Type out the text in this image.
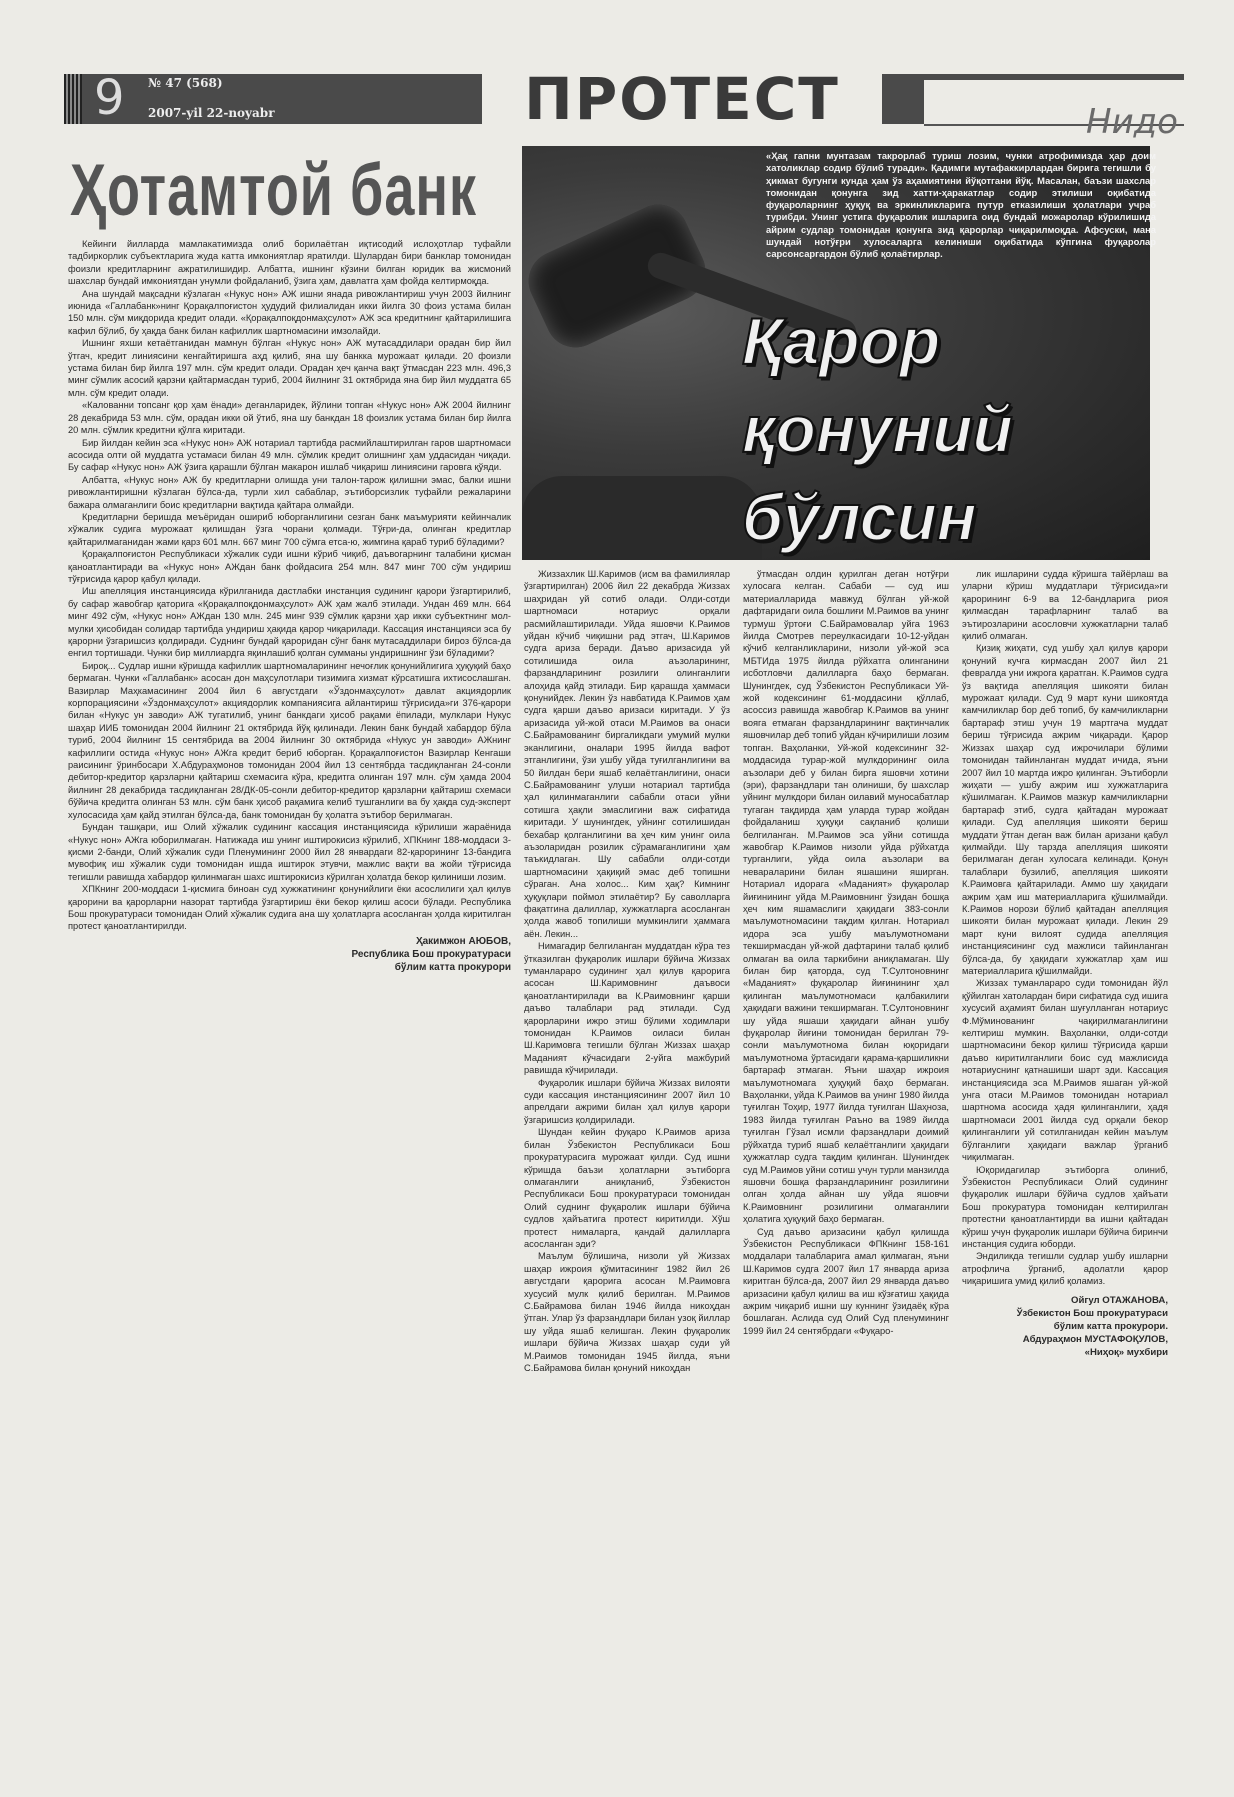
9 № 47 (568)
2007-yil 22-noyabr	ПРОТЕСТ	Нидо
Ҳотамтой банк

Кейинги йилларда мамлакатимизда олиб борилаётган иқтисодий ислоҳотлар туфайли тадбиркорлик субъектларига жуда катта имкониятлар яратилди. Шулардан бири банклар томонидан фоизли кредитларнинг ажратилишидир. Албатта, ишнинг кўзини билган юридик ва жисмоний шахслар бундай имкониятдан унумли фойдаланиб, ўзига ҳам, давлатга ҳам фойда келтирмоқда.

Ана шундай мақсадни кўзлаган «Нукус нон» АЖ ишни янада ривожлантириш учун 2003 йилнинг июнида «Галлабанк»нинг Қорақалпоғистон ҳудудий филиалидан икки йилга 30 фоиз устама билан 150 млн. сўм миқдорида кредит олади. «Қорақалпоқдонмаҳсулот» АЖ эса кредитнинг қайтарилишига кафил бўлиб, бу ҳақда банк билан кафиллик шартномасини имзолайди.

Ишнинг яхши кетаётганидан мамнун бўлган «Нукус нон» АЖ мутасаддилари орадан бир йил ўтгач, кредит линиясини кенгайтиришга аҳд қилиб, яна шу банкка мурожаат қилади. 20 фоизли устама билан бир йилга 197 млн. сўм кредит олади. Орадан ҳеч қанча вақт ўтмасдан 223 млн. 496,3 минг сўмлик асосий қарзни қайтармасдан туриб, 2004 йилнинг 31 октябрида яна бир йил муддатга 65 млн. сўм кредит олади.

«Калованни топсанг қор ҳам ёнади» деганларидек, йўлини топган «Нукус нон» АЖ 2004 йилнинг 28 декабрида 53 млн. сўм, орадан икки ой ўтиб, яна шу банкдан 18 фоизлик устама билан бир йилга 20 млн. сўмлик кредитни қўлга киритади.

Бир йилдан кейин эса «Нукус нон» АЖ нотариал тартибда расмийлаштирилган гаров шартномаси асосида олти ой муддатга устамаси билан 49 млн. сўмлик кредит олишнинг ҳам уддасидан чиқади. Бу сафар «Нукус нон» АЖ ўзига қарашли бўлган макарон ишлаб чиқариш линиясини гаровга қўяди.

Албатта, «Нукус нон» АЖ бу кредитларни олишда уни талон-тарож қилишни эмас, балки ишни ривожлантиришни кўзлаган бўлса-да, турли хил сабаблар, эътиборсизлик туфайли режаларини бажара олмаганлиги боис кредитларни вақтида қайтара олмайди.

Кредитларни беришда меъёридан ошириб юборганлигини сезган банк маъмурияти кейинчалик хўжалик судига мурожаат қилишдан ўзга чорани қолмади. Тўғри-да, олинган кредитлар қайтарилмаганидан жами қарз 601 млн. 667 минг 700 сўмга етса-ю, жимгина қараб туриб бўладими?

Қорақалпоғистон Республикаси хўжалик суди ишни кўриб чиқиб, даъвогарнинг талабини қисман қаноатлантиради ва «Нукус нон» АЖдан банк фойдасига 254 млн. 847 минг 700 сўм ундириш тўғрисида қарор қабул қилади.

Иш апелляция инстанциясида кўрилганида дастлабки инстанция судининг қарори ўзгартирилиб, бу сафар жавобгар қаторига «Қорақалпоқдонмаҳсулот» АЖ ҳам жалб этилади. Ундан 469 млн. 664 минг 492 сўм, «Нукус нон» АЖдан 130 млн. 245 минг 939 сўмлик қарзни ҳар икки субъектнинг мол-мулки ҳисобидан солидар тартибда ундириш ҳақида қарор чиқарилади. Кассация инстанцияси эса бу қарорни ўзгаришсиз қолдиради. Суднинг бундай қароридан сўнг банк мутасаддилари бироз бўлса-да енгил тортишади. Чунки бир миллиардга яқинлашиб қолган сумманы ундиришнинг ўзи бўладими?

Бироқ... Судлар ишни кўришда кафиллик шартномаларининг нечоғлик қонунийлигига ҳуқуқий баҳо бермаган. Чунки «Галлабанк» асосан дон маҳсулотлари тизимига хизмат кўрсатишга ихтисослашган. Вазирлар Маҳкамасининг 2004 йил 6 августдаги «Ўздонмаҳсулот» давлат акциядорлик корпорациясини «Ўздонмаҳсулот» акциядорлик компаниясига айлантириш тўғрисида»ги 376-қарори билан «Нукус ун заводи» АЖ тугатилиб, унинг банкдаги ҳисоб рақами ёпилади, мулклари Нукус шаҳар ИИБ томонидан 2004 йилнинг 21 октябрида йўқ қилинади. Лекин банк бундай хабардор бўла туриб, 2004 йилнинг 15 сентябрида ва 2004 йилнинг 30 октябрида «Нукус ун заводи» АЖнинг кафиллиги остида «Нукус нон» АЖга кредит бериб юборган. Қорақалпоғистон Вазирлар Кенгаши раисининг ўринбосари Х.Абдураҳмонов томонидан 2004 йил 13 сентябрда тасдиқланган 24-сонли дебитор-кредитор қарзларни қайтариш схемасига кўра, кредитга олинган 197 млн. сўм ҳамда 2004 йилнинг 28 декабрида тасдиқланган 28/ДК-05-сонли дебитор-кредитор қарзларни қайтариш схемаси бўйича кредитга олинган 53 млн. сўм банк ҳисоб рақамига келиб тушганлиги ва бу ҳақда суд-эксперт хулосасида ҳам қайд этилган бўлса-да, банк томонидан бу ҳолатга эътибор берилмаган.

Бундан ташқари, иш Олий хўжалик судининг кассация инстанциясида кўрилиши жараёнида «Нукус нон» АЖга юборилмаган. Натижада иш унинг иштирокисиз кўрилиб, ХПКнинг 188-моддаси 3-қисми 2-банди, Олий хўжалик суди Пленумининг 2000 йил 28 январдаги 82-қарорининг 13-бандига мувофиқ иш хўжалик суди томонидан ишда иштирок этувчи, мажлис вақти ва жойи тўғрисида тегишли равишда хабардор қилинмаган шахс иштирокисиз кўрилган ҳолатда бекор қилиниши лозим.

ХПКнинг 200-моддаси 1-қисмига биноан суд хужжатининг қонунийлиги ёки асослилиги ҳал қилув қарорини ва қарорларни назорат тартибда ўзгартириш ёки бекор қилиш асоси бўлади. Республика Бош прокуратураси томонидан Олий хўжалик судига ана шу ҳолатларга асосланган ҳолда киритилган протест қаноатлантирилди.

Ҳакимжон АЮБОВ,
Республика Бош прокуратураси
бўлим катта прокурори
«Ҳақ гапни мунтазам такрорлаб туриш лозим, чунки атрофимизда ҳар доим хатоликлар содир бўлиб туради». Қадимги мутафаккирлардан бирига тегишли бу ҳикмат бугунги кунда ҳам ўз аҳамиятини йўқотгани йўқ. Масалан, баъзи шахслар томонидан қонунга зид хатти-ҳаракатлар содир этилиши оқибатида фуқароларнинг ҳуқуқ ва эркинликларига путур етказилиши ҳолатлари учраб турибди. Унинг устига фуқаролик ишларига оид бундай можаролар кўрилишида айрим судлар томонидан қонунга зид қарорлар чиқарилмоқда. Афсуски, мана шундай нотўғри хулосаларга келиниши оқибатида кўпгина фуқаролар сарсонсаргардон бўлиб қолаётирлар.
Қарор
қонуний
бўлсин

Жиззахлик Ш.Каримов (исм ва фамилиялар ўзгартирилган) 2006 йил 22 декабрда Жиззах шаҳридан уй сотиб олади. Олди-сотди шартномаси нотариус орқали расмийлаштирилади. Уйда яшовчи К.Раимов уйдан кўчиб чиқишни рад этгач, Ш.Каримов судга ариза беради. Даъво аризасида уй сотилишида оила аъзоларининг, фарзандларининг розилиги олинганлиги алоҳида қайд этилади. Бир қарашда ҳаммаси қонунийдек. Лекин ўз навбатида К.Раимов ҳам судга қарши даъво аризаси киритади. У ўз аризасида уй-жой отаси М.Раимов ва онаси С.Байрамованинг биргаликдаги умумий мулки эканлигини, оналари 1995 йилда вафот этганлигини, ўзи ушбу уйда туғилганлигини ва 50 йилдан бери яшаб келаётганлигини, онаси С.Байрамованинг улуши нотариал тартибда ҳал қилинмаганлиги сабабли отаси уйни сотишга ҳақли эмаслигини важ сифатида киритади. У шунингдек, уйнинг сотилишидан бехабар қолганлигини ва ҳеч ким унинг оила аъзоларидан розилик сўрамаганлигини ҳам таъкидлаган. Шу сабабли олди-сотди шартномасини ҳақиқий эмас деб топишни сўраган. Ана холос... Ким ҳақ? Кимнинг ҳуқуқлари поймол этилаётир? Бу саволларга фақатгина далиллар, хужжатларга асосланган ҳолда жавоб топилиши мумкинлиги ҳаммага аён. Лекин...

Нимагадир белгиланган муддатдан кўра тез ўтказилган фуқаролик ишлари бўйича Жиззах туманлараро судининг ҳал қилув қарорига асосан Ш.Каримовнинг даъвоси қаноатлантирилади ва К.Раимовнинг қарши даъво талаблари рад этилади. Суд қарорларини ижро этиш бўлими ходимлари томонидан К.Раимов оиласи билан Ш.Каримовга тегишли бўлган Жиззах шаҳар Маданият кўчасидаги 2-уйга мажбурий равишда кўчирилади.

Фуқаролик ишлари бўйича Жиззах вилояти суди кассация инстанциясининг 2007 йил 10 апрелдаги ажрими билан ҳал қилув қарори ўзгаришсиз қолдирилади.

Шундан кейин фуқаро К.Раимов ариза билан Ўзбекистон Республикаси Бош прокуратурасига мурожаат қилди. Суд ишни кўришда баъзи ҳолатларни эътиборга олмаганлиги аниқланиб, Ўзбекистон Республикаси Бош прокуратураси томонидан Олий суднинг фуқаролик ишлари бўйича судлов ҳайъатига протест киритилди. Хўш протест нималарга, қандай далилларга асосланган эди?

Маълум бўлишича, низоли уй Жиззах шаҳар ижроия қўмитасининг 1982 йил 26 августдаги қарорига асосан М.Раимовга хусусий мулк қилиб берилган. М.Раимов С.Байрамова билан 1946 йилда никоҳдан ўтган. Улар ўз фарзандлари билан узоқ йиллар шу уйда яшаб келишган. Лекин фуқаролик ишлари бўйича Жиззах шаҳар суди уй М.Раимов томонидан 1945 йилда, яъни С.Байрамова билан қонуний никоҳдан

ўтмасдан олдин қурилган деган нотўғри хулосага келган. Сабаби — суд иш материалларида мавжуд бўлган уй-жой дафтаридаги оила бошлиғи М.Раимов ва унинг турмуш ўртоғи С.Байрамовалар уйга 1963 йилда Смотрев переулкасидаги 10-12-уйдан кўчиб келганликларини, низоли уй-жой эса МБТИда 1975 йилда рўйхатга олинганини исботловчи далилларга баҳо бермаган. Шунингдек, суд Ўзбекистон Республикаси Уй-жой кодексининг 61-моддасини қўллаб, асоссиз равишда жавобгар К.Раимов ва унинг вояга етмаган фарзандларининг вақтинчалик яшовчилар деб топиб уйдан кўчирилиши лозим топган. Ваҳоланки, Уй-жой кодексининг 32-моддасида турар-жой мулкдорининг оила аъзолари деб у билан бирга яшовчи хотини (эри), фарзандлари тан олиниши, бу шахслар уйнинг мулкдори билан оилавий муносабатлар тугаган тақдирда ҳам уларда турар жойдан фойдаланиш ҳуқуқи сақланиб қолиши белгиланган. М.Раимов эса уйни сотишда жавобгар К.Раимов низоли уйда рўйхатда турганлиги, уйда оила аъзолари ва невараларини билан яшашини яширган. Нотариал идорага «Маданият» фуқаролар йиғинининг уйда М.Раимовнинг ўзидан бошқа ҳеч ким яшамаслиги ҳақидаги 383-сонли маълумотномасини тақдим қилган. Нотариал идора эса ушбу маълумотномани текширмасдан уй-жой дафтарини талаб қилиб олмаган ва оила таркибини аниқламаган. Шу билан бир қаторда, суд Т.Султоновнинг «Маданият» фуқаролар йиғинининг ҳал қилинган маълумотномаси қалбакилиги ҳақидаги важини текширмаган. Т.Султоновнинг шу уйда яшаши ҳақидаги айнан ушбу фуқаролар йиғини томонидан берилган 79-сонли маълумотнома билан юқоридаги маълумотнома ўртасидаги қарама-қаршиликни бартараф этмаган. Яъни шаҳар ижроия маълумотномага ҳуқуқий баҳо бермаган. Ваҳоланки, уйда К.Раимов ва унинг 1980 йилда туғилган Тоҳир, 1977 йилда туғилган Шаҳноза, 1983 йилда туғилган Раъно ва 1989 йилда туғилган Гўзал исмли фарзандлари доимий рўйхатда туриб яшаб келаётганлиги ҳақидаги ҳужжатлар судга тақдим қилинган. Шунингдек суд М.Раимов уйни сотиш учун турли манзилда яшовчи бошқа фарзандларининг розилигини олган ҳолда айнан шу уйда яшовчи К.Раимовнинг розилигини олмаганлиги ҳолатига ҳуқуқий баҳо бермаган.

Суд даъво аризасини қабул қилишда Ўзбекистон Республикаси ФПКнинг 158-161 моддалари талабларига амал қилмаган, яъни Ш.Каримов судга 2007 йил 17 январда ариза киритган бўлса-да, 2007 йил 29 январда даъво аризасини қабул қилиш ва иш кўзғатиш ҳақида ажрим чиқариб ишни шу куннинг ўзидаёқ кўра бошлаган. Аслида суд Олий Суд пленумининг 1999 йил 24 сентябрдаги «Фуқаро-

лик ишларини судда кўришга тайёрлаш ва уларни кўриш муддатлари тўғрисида»ги қарорининг 6-9 ва 12-бандларига риоя қилмасдан тарафларнинг талаб ва эътирозларини асословчи хужжатларни талаб қилиб олмаган.

Қизиқ жиҳати, суд ушбу ҳал қилув қарори қонуний кучга кирмасдан 2007 йил 21 февралда уни ижрога қаратган. К.Раимов судга ўз вақтида апелляция шикояти билан мурожаат қилади. Суд 9 март куни шикоятда камчиликлар бор деб топиб, бу камчиликларни бартараф этиш учун 19 мартгача муддат бериш тўғрисида ажрим чиқаради. Қарор Жиззах шаҳар суд ижрочилари бўлими томонидан тайинланган муддат ичида, яъни 2007 йил 10 мартда ижро қилинган. Эътиборли жиҳати — ушбу ажрим иш хужжатларига кўшилмаган. К.Раимов мазкур камчиликларни бартараф этиб, судга қайтадан мурожаат қилади. Суд апелляция шикояти бериш муддати ўтган деган важ билан аризани қабул қилмайди. Шу тарзда апелляция шикояти берилмаган деган хулосага келинади. Қонун талаблари бузилиб, апелляция шикояти К.Раимовга қайтарилади. Аммо шу ҳақидаги ажрим ҳам иш материалларига қўшилмайди. К.Раимов норози бўлиб қайтадан апелляция шикояти билан мурожаат қилади. Лекин 29 март куни вилоят судида апелляция инстанциясининг суд мажлиси тайинланган бўлса-да, бу ҳақидаги хужжатлар ҳам иш материалларига қўшилмайди.

Жиззах туманлараро суди томонидан йўл қўйилган хатолардан бири сифатида суд ишига хусусий аҳамият билан шуғулланган нотариус Ф.Мўминованинг чақирилмаганлигини келтириш мумкин. Ваҳоланки, олди-сотди шартномасини бекор қилиш тўғрисида қарши даъво киритилганлиги боис суд мажлисида нотариуснинг қатнашиши шарт эди. Кассация инстанциясида эса М.Раимов яшаган уй-жой унга отаси М.Раимов томонидан нотариал шартнома асосида ҳадя қилинганлиги, ҳадя шартномаси 2001 йилда суд орқали бекор қилинганлиги уй сотилганидан кейин маълум бўлганлиги ҳақидаги важлар ўрганиб чиқилмаган.

Юқоридагилар эътиборга олиниб, Ўзбекистон Республикаси Олий судининг фуқаролик ишлари бўйича судлов ҳайъати Бош прокуратура томонидан келтирилган протестни қаноатлантирди ва ишни қайтадан кўриш учун фуқаролик ишлари бўйича биринчи инстанция судига юборди.

Эндиликда тегишли судлар ушбу ишларни атрофлича ўрганиб, адолатли қарор чиқаришига умид қилиб қоламиз.

Ойгул ОТАЖАНОВА,
Ўзбекистон Бош прокуратураси
бўлим катта прокурори.
Абдураҳмон МУСТАФОҚУЛОВ,
«Ниҳоқ» мухбири
